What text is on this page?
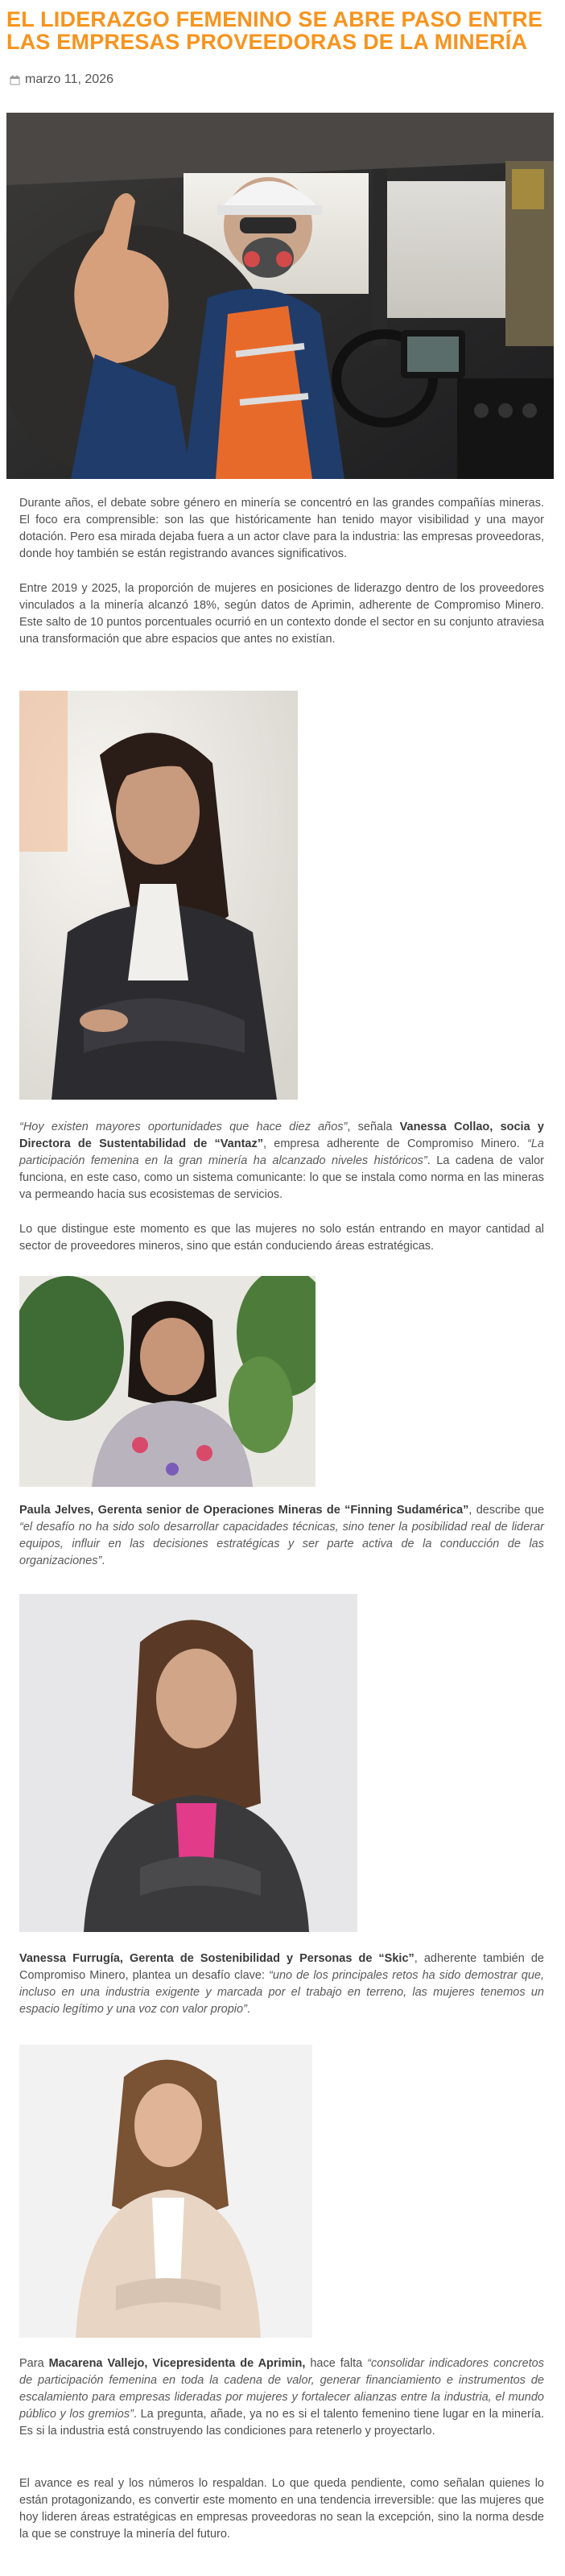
EL LIDERAZGO FEMENINO SE ABRE PASO ENTRE LAS EMPRESAS PROVEEDORAS DE LA MINERÍA
marzo 11, 2026

Durante años, el debate sobre género en minería se concentró en las grandes compañías mineras. El foco era comprensible: son las que históricamente han tenido mayor visibilidad y una mayor dotación. Pero esa mirada dejaba fuera a un actor clave para la industria: las empresas proveedoras, donde hoy también se están registrando avances significativos.

Entre 2019 y 2025, la proporción de mujeres en posiciones de liderazgo dentro de los proveedores vinculados a la minería alcanzó 18%, según datos de Aprimin, adherente de Compromiso Minero. Este salto de 10 puntos porcentuales ocurrió en un contexto donde el sector en su conjunto atraviesa una transformación que abre espacios que antes no existían.

“Hoy existen mayores oportunidades que hace diez años”, señala Vanessa Collao, socia y Directora de Sustentabilidad de “Vantaz”, empresa adherente de Compromiso Minero. “La participación femenina en la gran minería ha alcanzado niveles históricos”. La cadena de valor funciona, en este caso, como un sistema comunicante: lo que se instala como norma en las mineras va permeando hacia sus ecosistemas de servicios.

Lo que distingue este momento es que las mujeres no solo están entrando en mayor cantidad al sector de proveedores mineros, sino que están conduciendo áreas estratégicas.

Paula Jelves, Gerenta senior de Operaciones Mineras de “Finning Sudamérica”, describe que “el desafío no ha sido solo desarrollar capacidades técnicas, sino tener la posibilidad real de liderar equipos, influir en las decisiones estratégicas y ser parte activa de la conducción de las organizaciones”.

Vanessa Furrugía, Gerenta de Sostenibilidad y Personas de “Skic”, adherente también de Compromiso Minero, plantea un desafío clave: “uno de los principales retos ha sido demostrar que, incluso en una industria exigente y marcada por el trabajo en terreno, las mujeres tenemos un espacio legítimo y una voz con valor propio”.

Para Macarena Vallejo, Vicepresidenta de Aprimin, hace falta “consolidar indicadores concretos de participación femenina en toda la cadena de valor, generar financiamiento e instrumentos de escalamiento para empresas lideradas por mujeres y fortalecer alianzas entre la industria, el mundo público y los gremios”. La pregunta, añade, ya no es si el talento femenino tiene lugar en la minería. Es si la industria está construyendo las condiciones para retenerlo y proyectarlo.

El avance es real y los números lo respaldan. Lo que queda pendiente, como señalan quienes lo están protagonizando, es convertir este momento en una tendencia irreversible: que las mujeres que hoy lideren áreas estratégicas en empresas proveedoras no sean la excepción, sino la norma desde la que se construye la minería del futuro.
